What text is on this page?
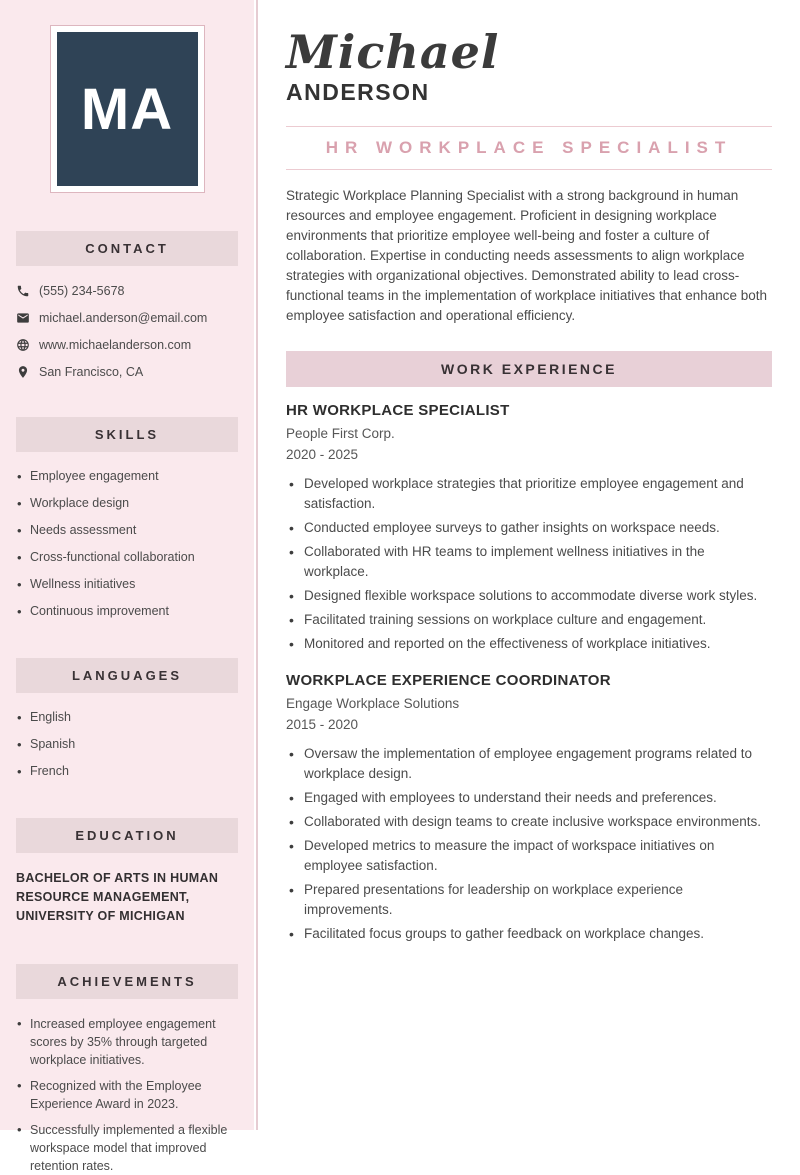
MA
CONTACT
(555) 234-5678
michael.anderson@email.com
www.michaelanderson.com
San Francisco, CA
SKILLS
• Employee engagement
• Workplace design
• Needs assessment
• Cross-functional collaboration
• Wellness initiatives
• Continuous improvement
LANGUAGES
• English
• Spanish
• French
EDUCATION
BACHELOR OF ARTS IN HUMAN RESOURCE MANAGEMENT, UNIVERSITY OF MICHIGAN
ACHIEVEMENTS
• Increased employee engagement scores by 35% through targeted workplace initiatives.
• Recognized with the Employee Experience Award in 2023.
• Successfully implemented a flexible workspace model that improved retention rates.
Michael
ANDERSON
HR WORKPLACE SPECIALIST

Strategic Workplace Planning Specialist with a strong background in human resources and employee engagement. Proficient in designing workplace environments that prioritize employee well-being and foster a culture of collaboration. Expertise in conducting needs assessments to align workplace strategies with organizational objectives. Demonstrated ability to lead cross-functional teams in the implementation of workplace initiatives that enhance both employee satisfaction and operational efficiency.

WORK EXPERIENCE
HR WORKPLACE SPECIALIST
People First Corp.
2020 - 2025
• Developed workplace strategies that prioritize employee engagement and satisfaction.
• Conducted employee surveys to gather insights on workspace needs.
• Collaborated with HR teams to implement wellness initiatives in the workplace.
• Designed flexible workspace solutions to accommodate diverse work styles.
• Facilitated training sessions on workplace culture and engagement.
• Monitored and reported on the effectiveness of workplace initiatives.
WORKPLACE EXPERIENCE COORDINATOR
Engage Workplace Solutions
2015 - 2020
• Oversaw the implementation of employee engagement programs related to workplace design.
• Engaged with employees to understand their needs and preferences.
• Collaborated with design teams to create inclusive workspace environments.
• Developed metrics to measure the impact of workspace initiatives on employee satisfaction.
• Prepared presentations for leadership on workplace experience improvements.
• Facilitated focus groups to gather feedback on workplace changes.
